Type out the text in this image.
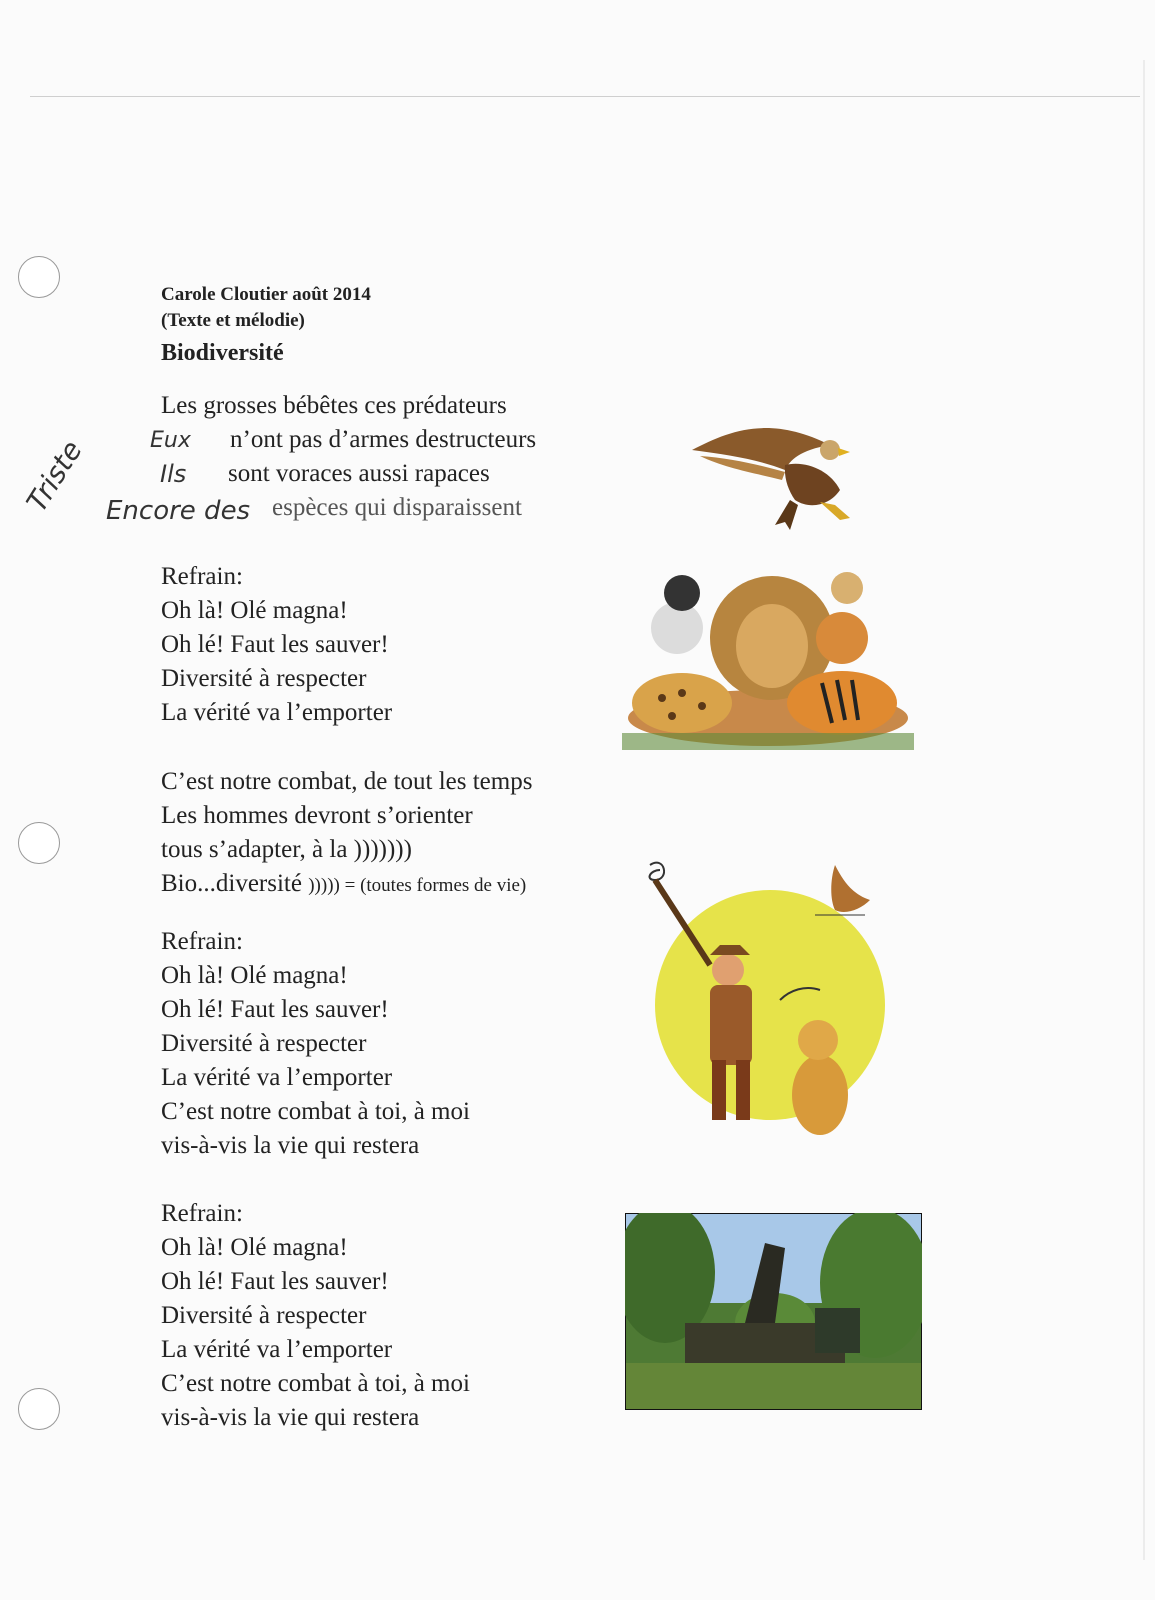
Carole Cloutier août 2014
(Texte et mélodie)
Biodiversité
Les grosses bébêtes ces prédateurs
n’ont pas d’armes destructeurs
sont voraces aussi rapaces
espèces qui disparaissent
Eux
Ils
Triste Encore des
Refrain:
Oh là! Olé magna!
Oh lé! Faut les sauver!
Diversité à respecter
La vérité va l’emporter
C’est notre combat, de tout les temps
Les hommes devront s’orienter
tous s’adapter, à la )))))))
Bio...diversité ))))) = (toutes formes de vie)
Refrain:
Oh là! Olé magna!
Oh lé! Faut les sauver!
Diversité à respecter
La vérité va l’emporter
C’est notre combat à toi, à moi
vis-à-vis la vie qui restera
Refrain:
Oh là! Olé magna!
Oh lé! Faut les sauver!
Diversité à respecter
La vérité va l’emporter
C’est notre combat à toi, à moi
vis-à-vis la vie qui restera
